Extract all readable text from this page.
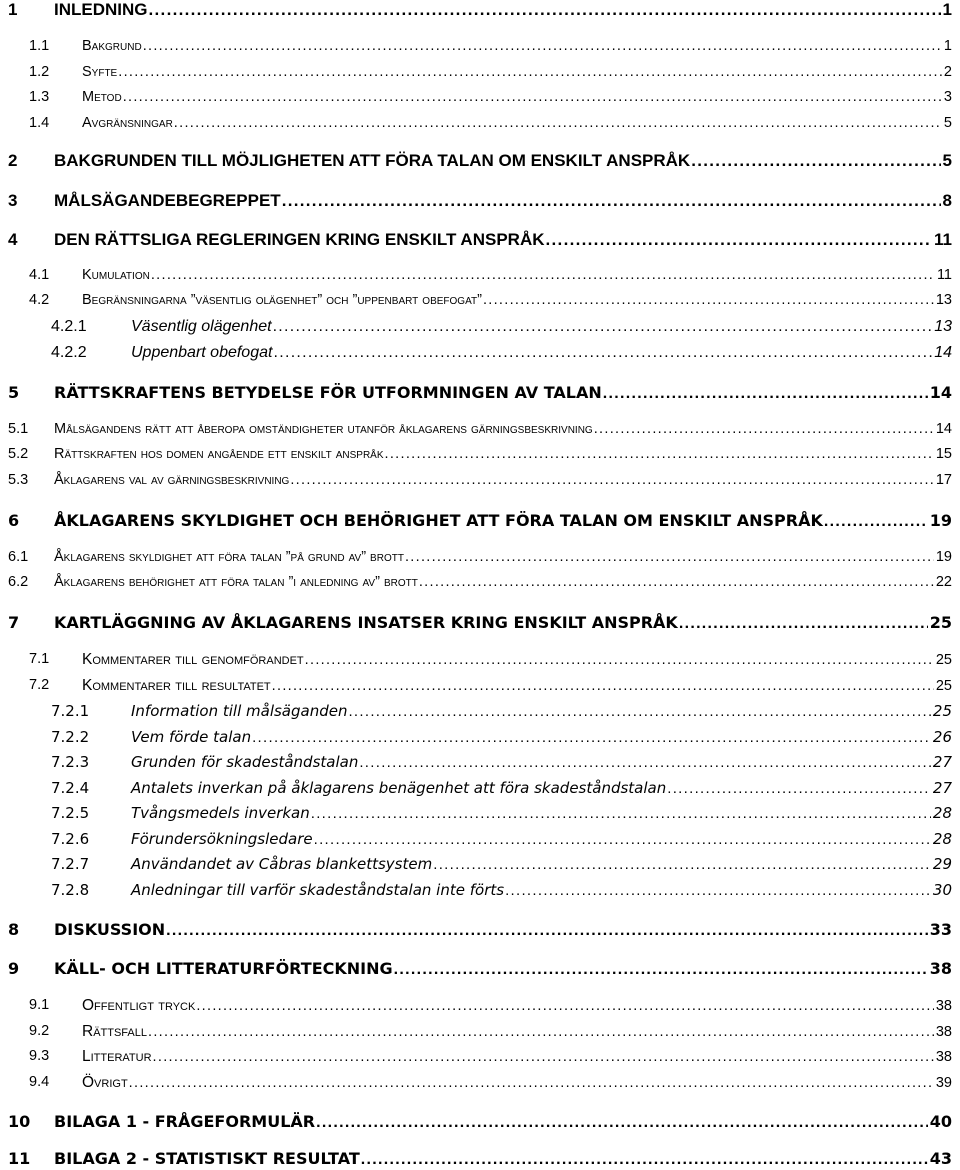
1 INLEDNING .....	1
1.1 Bakgrund .....	1
1.2 Syfte .....	2
1.3 Metod .....	3
1.4 Avgränsningar .....	5
2 BAKGRUNDEN TILL MÖJLIGHETEN ATT FÖRA TALAN OM ENSKILT ANSPRÅK .....	5
3 MÅLSÄGANDEBEGREPPET .....	8
4 DEN RÄTTSLIGA REGLERINGEN KRING ENSKILT ANSPRÅK .....	11
4.1 Kumulation .....	11
4.2 Begränsningarna ”väsentlig olägenhet” och ”uppenbart obefogat” .....	13
4.2.1	Väsentlig olägenhet .....	13
4.2.2	Uppenbart obefogat .....	14
5 RÄTTSKRAFTENS BETYDELSE FÖR UTFORMNINGEN AV TALAN .....	14
5.1 Målsägandens rätt att åberopa omständigheter utanför åklagarens gärningsbeskrivning .....	14
5.2 Rättskraften hos domen angående ett enskilt anspråk .....	15
5.3 Åklagarens val av gärningsbeskrivning .....	17
6 ÅKLAGARENS SKYLDIGHET OCH BEHÖRIGHET ATT FÖRA TALAN OM ENSKILT ANSPRÅK .....	19
6.1 Åklagarens skyldighet att föra talan ”på grund av” brott .....	19
6.2 Åklagarens behörighet att föra talan ”i anledning av” brott .....	22
7 KARTLÄGGNING AV ÅKLAGARENS INSATSER KRING ENSKILT ANSPRÅK .....	25
7.1 Kommentarer till genomförandet .....	25
7.2 Kommentarer till resultatet .....	25
7.2.1	Information till målsäganden .....	25
7.2.2	Vem förde talan .....	26
7.2.3	Grunden för skadeståndstalan .....	27
7.2.4	Antalets inverkan på åklagarens benägenhet att föra skadeståndstalan .....	27
7.2.5	Tvångsmedels inverkan .....	28
7.2.6	Förundersökningsledare .....	28
7.2.7	Användandet av Cåbras blankettsystem .....	29
7.2.8	Anledningar till varför skadeståndstalan inte förts .....	30
8 DISKUSSION .....	33
9 KÄLL- OCH LITTERATURFÖRTECKNING .....	38
9.1 Offentligt tryck .....	38
9.2 Rättsfall .....	38
9.3 Litteratur .....	38
9.4 Övrigt .....	39
10 BILAGA 1 - FRÅGEFORMULÄR .....	40
11 BILAGA 2 - STATISTISKT RESULTAT .....	43
